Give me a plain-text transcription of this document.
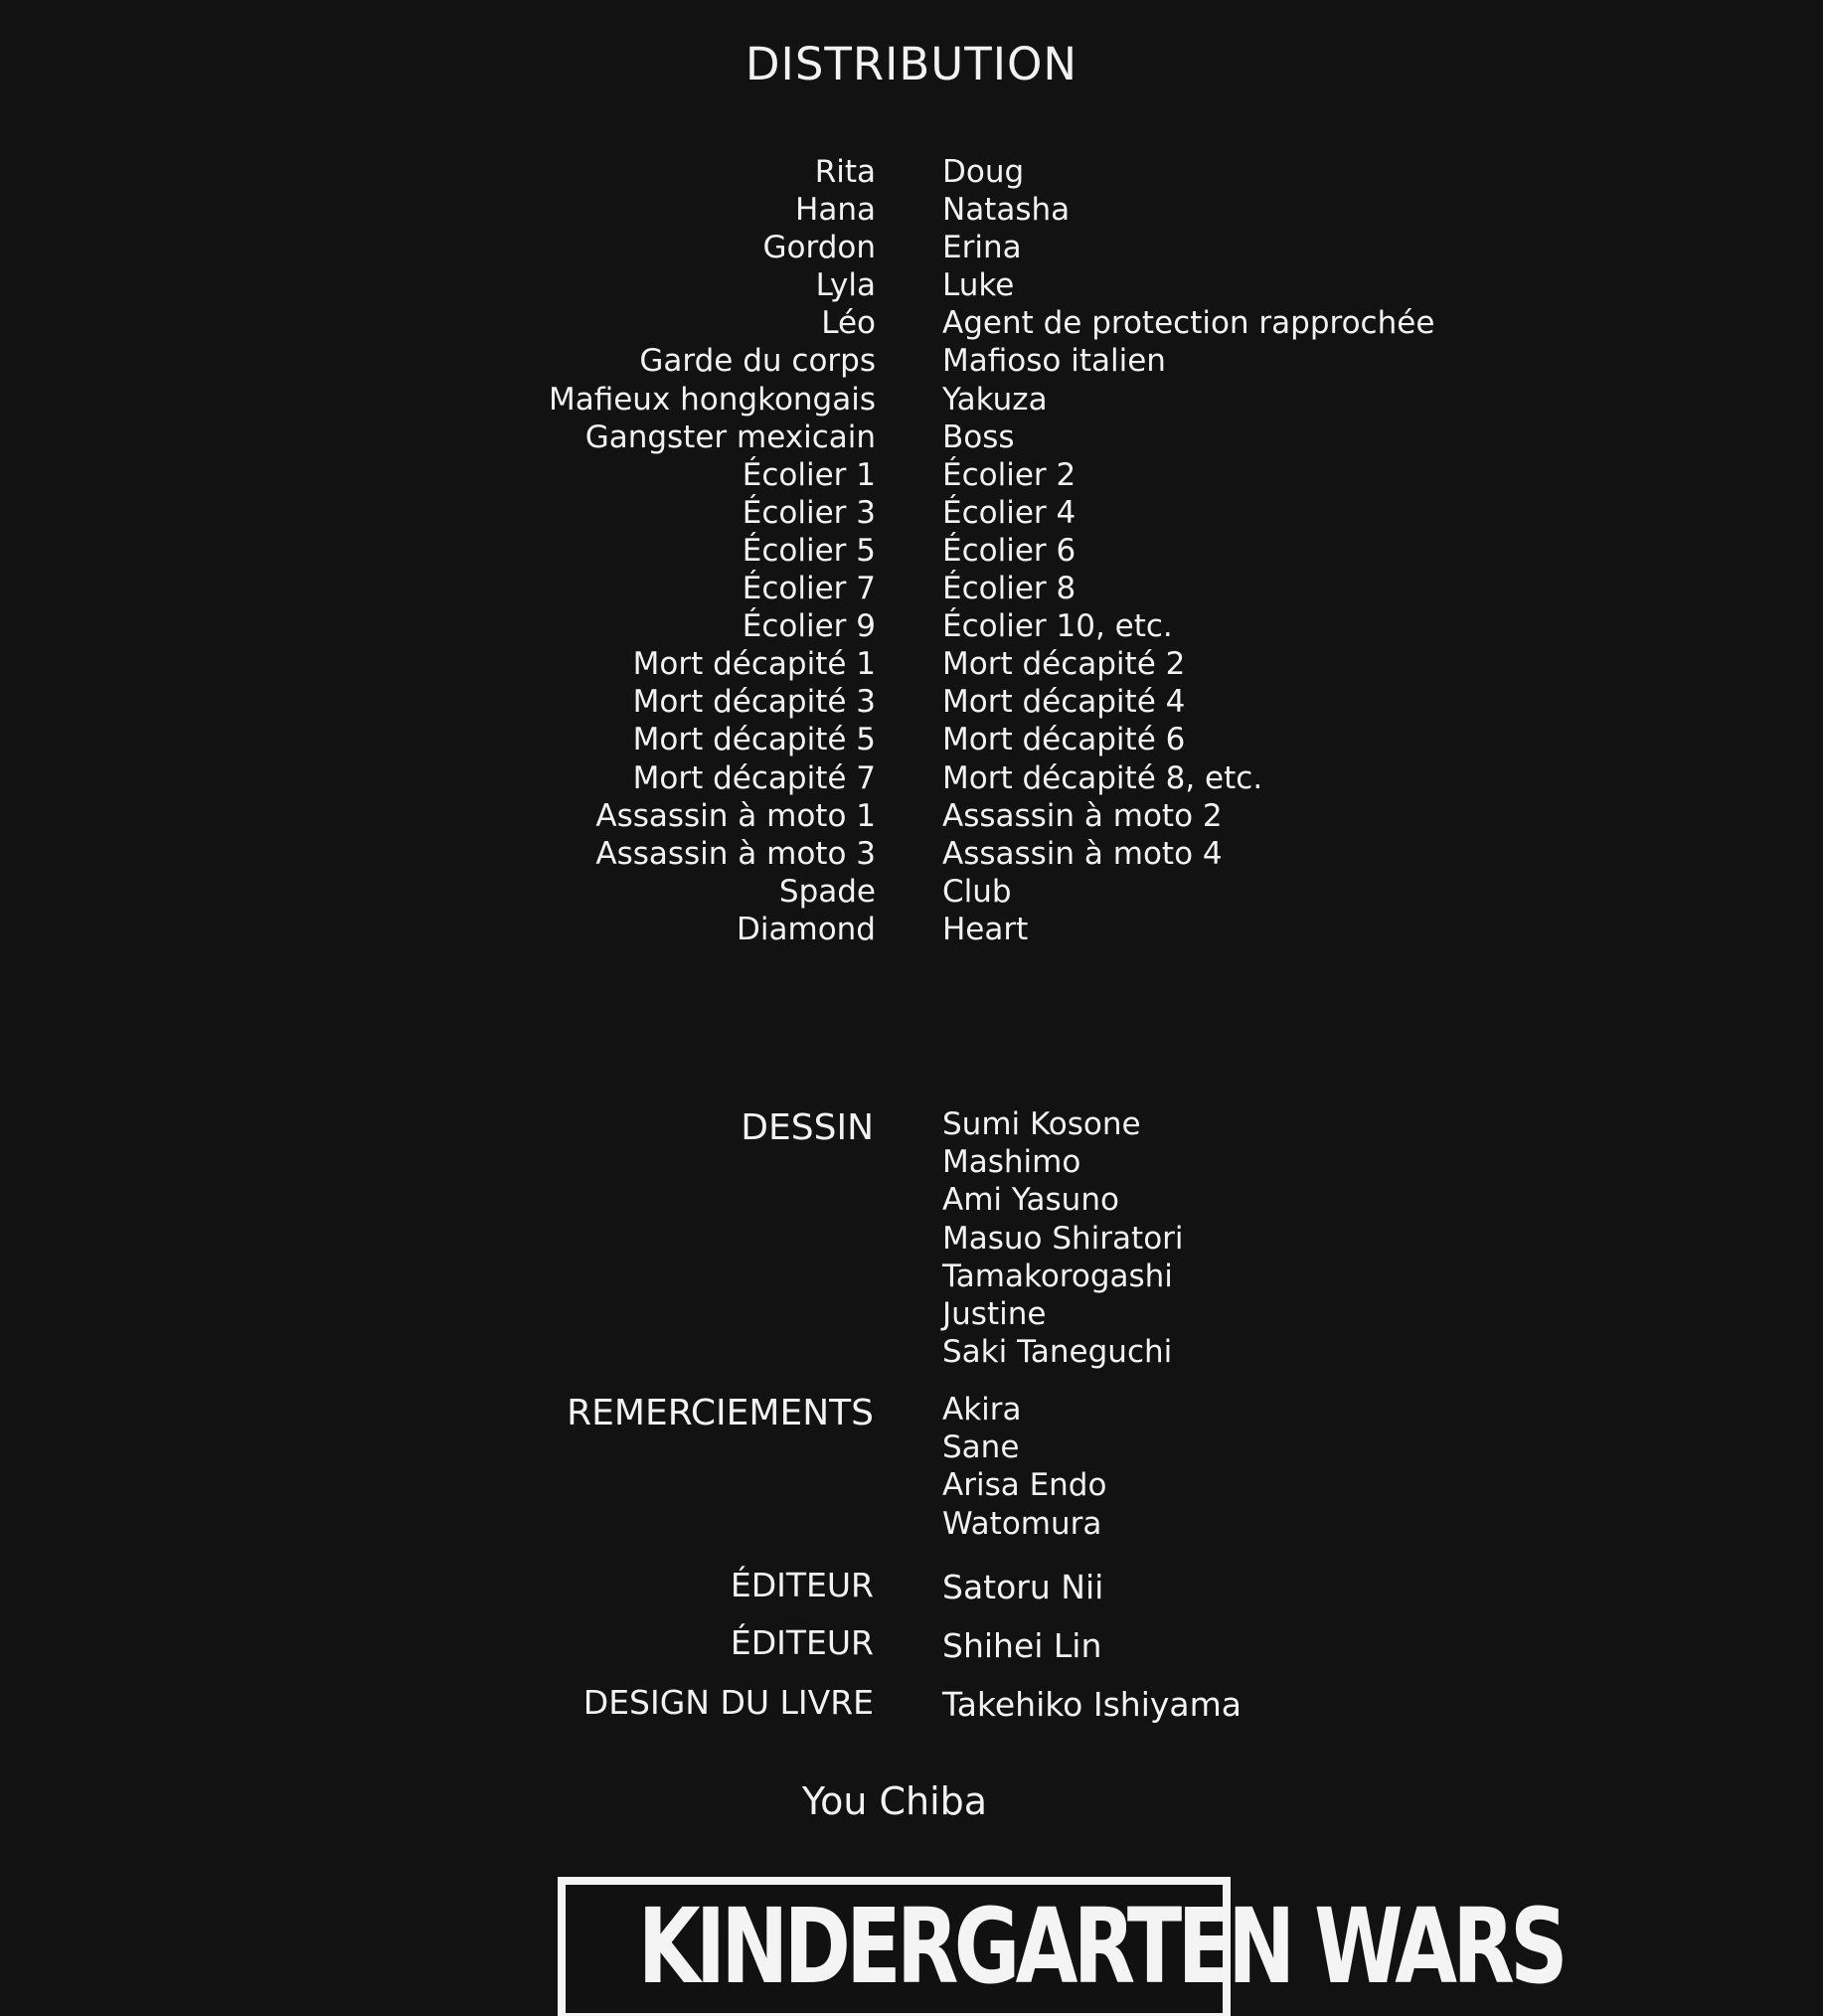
DISTRIBUTION
Rita Doug
Hana Natasha
Gordon Erina
Lyla Luke
Léo Agent de protection rapprochée
Garde du corps Mafioso italien
Mafieux hongkongais Yakuza
Gangster mexicain Boss
Écolier 1 Écolier 2
Écolier 3 Écolier 4
Écolier 5 Écolier 6
Écolier 7 Écolier 8
Écolier 9 Écolier 10, etc.
Mort décapité 1 Mort décapité 2
Mort décapité 3 Mort décapité 4
Mort décapité 5 Mort décapité 6
Mort décapité 7 Mort décapité 8, etc.
Assassin à moto 1 Assassin à moto 2
Assassin à moto 3 Assassin à moto 4
Spade Club
Diamond Heart
DESSIN Sumi Kosone
Mashimo
Ami Yasuno
Masuo Shiratori
Tamakorogashi
Justine
Saki Taneguchi
REMERCIEMENTS Akira
Sane
Arisa Endo
Watomura
ÉDITEUR Satoru Nii
ÉDITEUR Shihei Lin
DESIGN DU LIVRE Takehiko Ishiyama
You Chiba
KINDERGARTEN WARS
